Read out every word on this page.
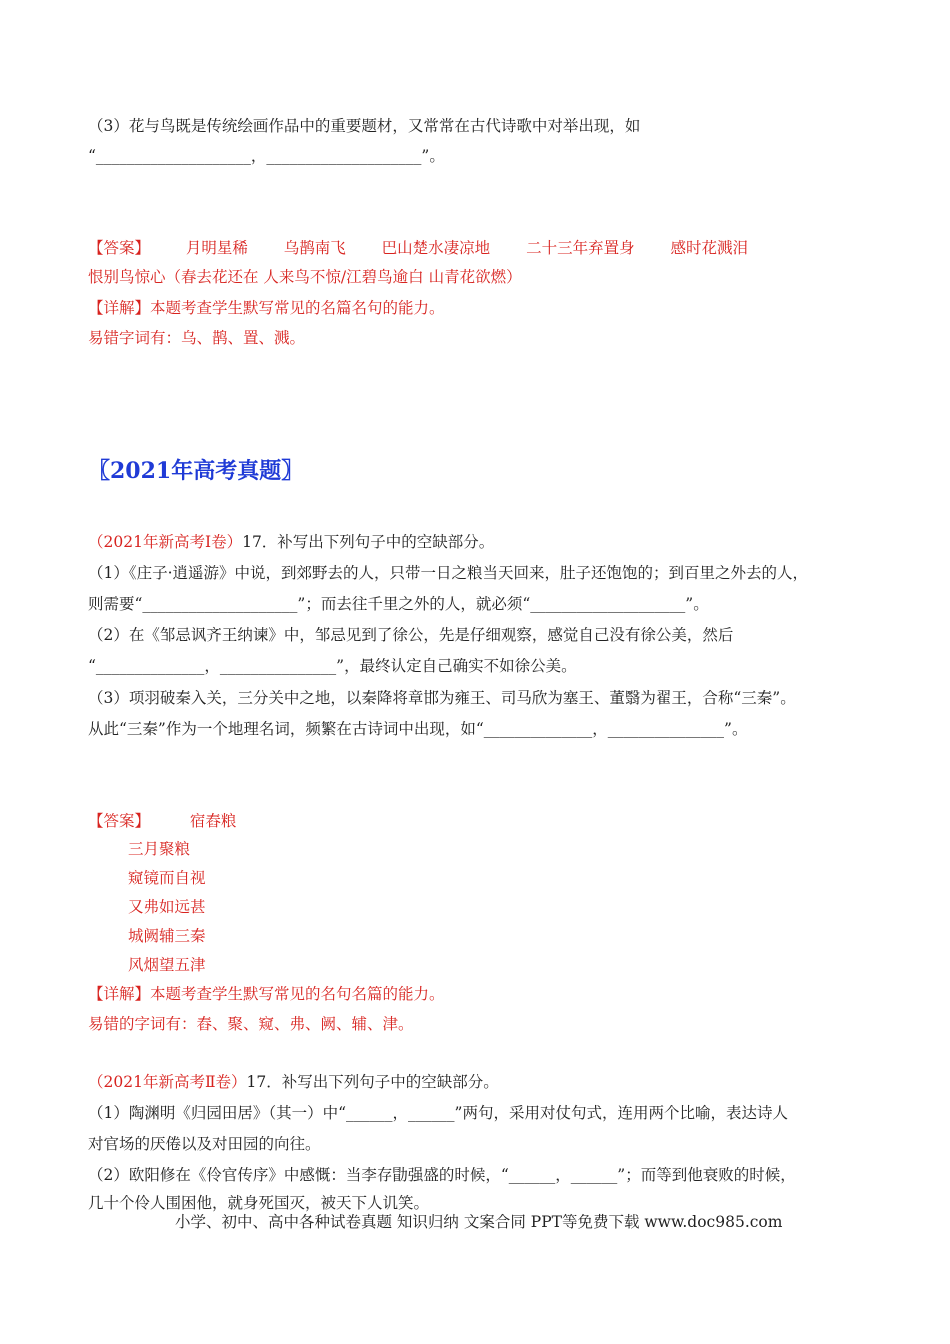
（3）花与鸟既是传统绘画作品中的重要题材，又常常在古代诗歌中对举出现，如
“____________________，____________________”。
【答案】 月明星稀 乌鹊南飞 巴山楚水凄凉地 二十三年弃置身 感时花溅泪
恨别鸟惊心（春去花还在 人来鸟不惊/江碧鸟逾白 山青花欲燃）
【详解】本题考查学生默写常见的名篇名句的能力。
易错字词有：乌、鹊、置、溅。
〖2021年高考真题〗
（2021年新高考Ⅰ卷）17．补写出下列句子中的空缺部分。
（1）《庄子·逍遥游》中说，到郊野去的人，只带一日之粮当天回来，肚子还饱饱的；到百里之外去的人，
则需要“____________________”；而去往千里之外的人，就必须“____________________”。
（2）在《邹忌讽齐王纳谏》中，邹忌见到了徐公，先是仔细观察，感觉自己没有徐公美，然后
“______________，_______________”，最终认定自己确实不如徐公美。
（3）项羽破秦入关，三分关中之地，以秦降将章邯为雍王、司马欣为塞王、董翳为翟王，合称“三秦”。
从此“三秦”作为一个地理名词，频繁在古诗词中出现，如“______________，_______________”。
【答案】	宿舂粮
三月聚粮
窥镜而自视
又弗如远甚
城阙辅三秦
风烟望五津
【详解】本题考查学生默写常见的名句名篇的能力。
易错的字词有：舂、聚、窥、弗、阙、辅、津。
（2021年新高考Ⅱ卷）17．补写出下列句子中的空缺部分。
（1）陶渊明《归园田居》（其一）中“______，______”两句，采用对仗句式，连用两个比喻，表达诗人
对官场的厌倦以及对田园的向往。
（2）欧阳修在《伶官传序》中感慨：当李存勖强盛的时候，“______，______”；而等到他衰败的时候，
几十个伶人围困他，就身死国灭，被天下人讥笑。
小学、初中、高中各种试卷真题 知识归纳 文案合同 PPT等免费下载 www.doc985.com
